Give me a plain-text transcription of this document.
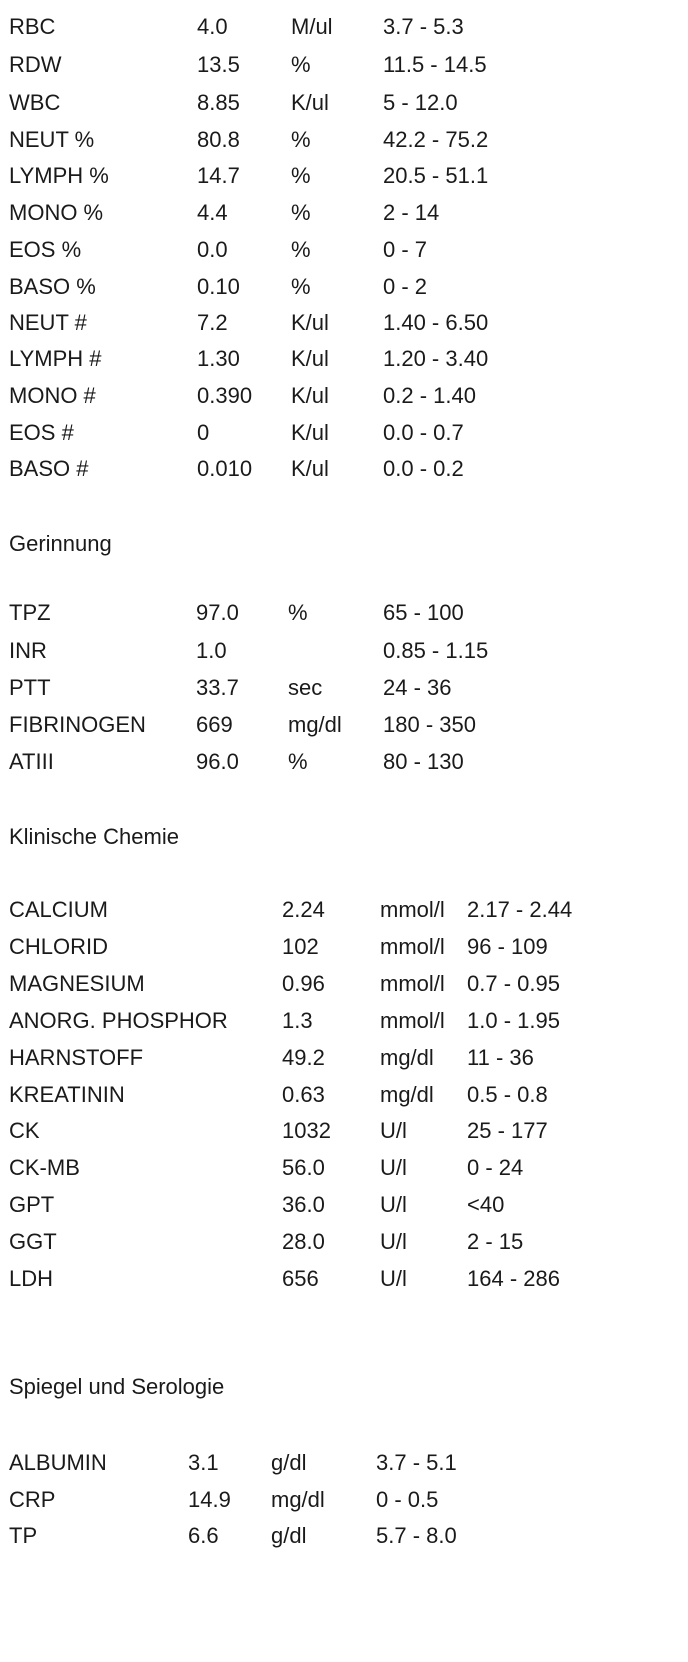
RBC	4.0	M/ul 3.7 - 5.3
RDW	13.5 %	11.5 - 14.5
WBC	8.85 K/ul 5 - 12.0
NEUT %	80.8 %	42.2 - 75.2
LYMPH %	14.7 %	20.5 - 51.1
MONO %	4.4	%	2 - 14
EOS %	0.0	%	0 - 7
BASO %	0.10 %	0 - 2
NEUT #	7.2	K/ul 1.40 - 6.50
LYMPH #	1.30 K/ul 1.20 - 3.40
MONO #	0.390 K/ul 0.2 - 1.40
EOS #	0	K/ul 0.0 - 0.7
BASO #	0.010 K/ul 0.0 - 0.2
Gerinnung
TPZ	97.0 %	65 - 100
INR	1.0	0.85 - 1.15
PTT	33.7 sec	24 - 36
FIBRINOGEN 669	mg/dl 180 - 350
ATIII	96.0 %	80 - 130
Klinische Chemie
CALCIUM	2.24	mmol/l 2.17 - 2.44
CHLORID	102	mmol/l 96 - 109
MAGNESIUM	0.96	mmol/l 0.7 - 0.95
ANORG. PHOSPHOR 1.3	mmol/l 1.0 - 1.95
HARNSTOFF	49.2	mg/dl 11 - 36
KREATININ	0.63	mg/dl 0.5 - 0.8
CK	1032 U/l	25 - 177
CK-MB	56.0	U/l	0 - 24
GPT	36.0	U/l	<40
GGT	28.0	U/l	2 - 15
LDH	656	U/l	164 - 286
Spiegel und Serologie
ALBUMIN	3.1 g/dl	3.7 - 5.1
CRP	14.9 mg/dl 0 - 0.5
TP	6.6 g/dl	5.7 - 8.0
